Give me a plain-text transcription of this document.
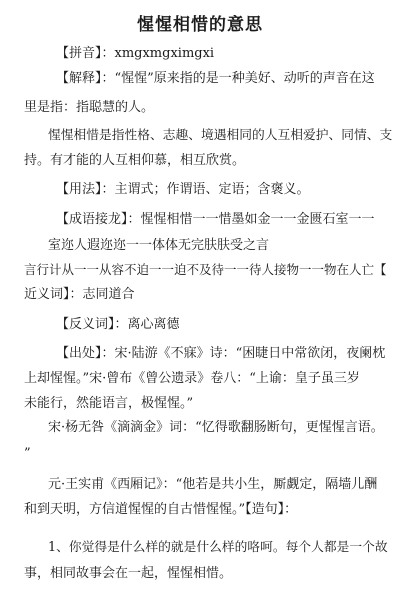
惺惺相惜的意思
【拼音】：xmgxmgximgxi
【解释】：“惺惺”原来指的是一种美好、动听的声音在这
里是指：指聪慧的人。
惺惺相惜是指性格、志趣、境遇相同的人互相爱护、同情、支
持。有才能的人互相仰慕，相互欣赏。
【用法】：主谓式；作谓语、定语；含褒义。
【成语接龙】：惺惺相惜一一惜墨如金一一金匮石室一一
室迩人遐迩迩一一体体无完肤肤受之言
言行计从一一从容不迫一一迫不及待一一待人接物一一物在人亡【
近义词】：志同道合
【反义词】：离心离德
【出处】：宋·陆游《不寐》诗：“困睫日中常欲闭，夜阑枕
上却惺惺。”宋·曾布《曾公遗录》卷八：“上谕：皇子虽三岁
未能行，然能语言，极惺惺。”
宋·杨无咎《滴滴金》词：“忆得歌翻肠断句，更惺惺言语。
”
元·王实甫《西厢记》：“他若是共小生，厮觑定，隔墙儿酬
和到天明，方信道惺惺的自古惜惺惺。”【造句】：
1、你觉得是什么样的就是什么样的咯呵。每个人都是一个故
事，相同故事会在一起，惺惺相惜。
